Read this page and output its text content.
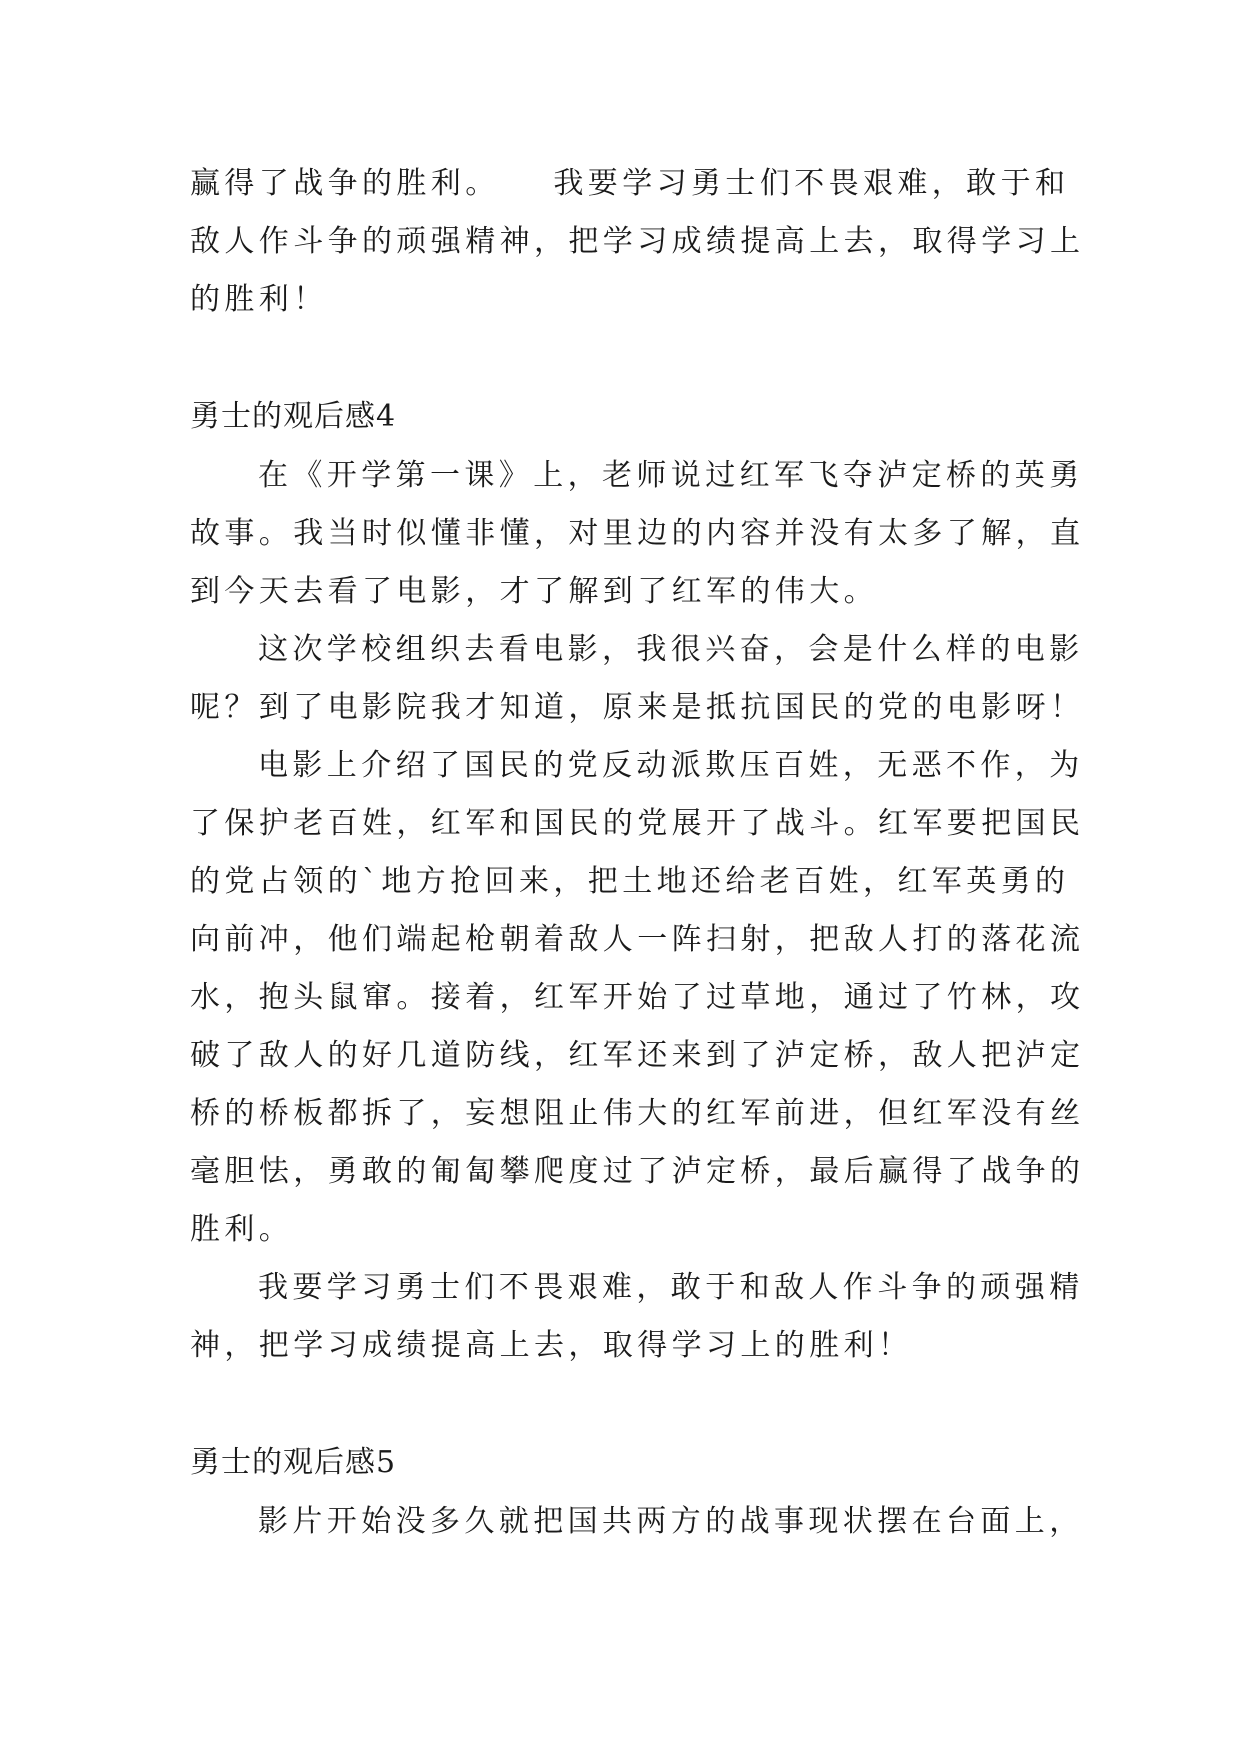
赢得了战争的胜利。　　我要学习勇士们不畏艰难，敢于和
敌人作斗争的顽强精神，把学习成绩提高上去，取得学习上
的胜利！
勇士的观后感4
在《开学第一课》上，老师说过红军飞夺泸定桥的英勇
故事。我当时似懂非懂，对里边的内容并没有太多了解，直
到今天去看了电影，才了解到了红军的伟大。
这次学校组织去看电影，我很兴奋，会是什么样的电影
呢？到了电影院我才知道，原来是抵抗国民的党的电影呀！
电影上介绍了国民的党反动派欺压百姓，无恶不作，为
了保护老百姓，红军和国民的党展开了战斗。红军要把国民
的党占领的`地方抢回来，把土地还给老百姓，红军英勇的
向前冲，他们端起枪朝着敌人一阵扫射，把敌人打的落花流
水，抱头鼠窜。接着，红军开始了过草地，通过了竹林，攻
破了敌人的好几道防线，红军还来到了泸定桥，敌人把泸定
桥的桥板都拆了，妄想阻止伟大的红军前进，但红军没有丝
毫胆怯，勇敢的匍匐攀爬度过了泸定桥，最后赢得了战争的
胜利。
我要学习勇士们不畏艰难，敢于和敌人作斗争的顽强精
神，把学习成绩提高上去，取得学习上的胜利！
勇士的观后感5
影片开始没多久就把国共两方的战事现状摆在台面上，
